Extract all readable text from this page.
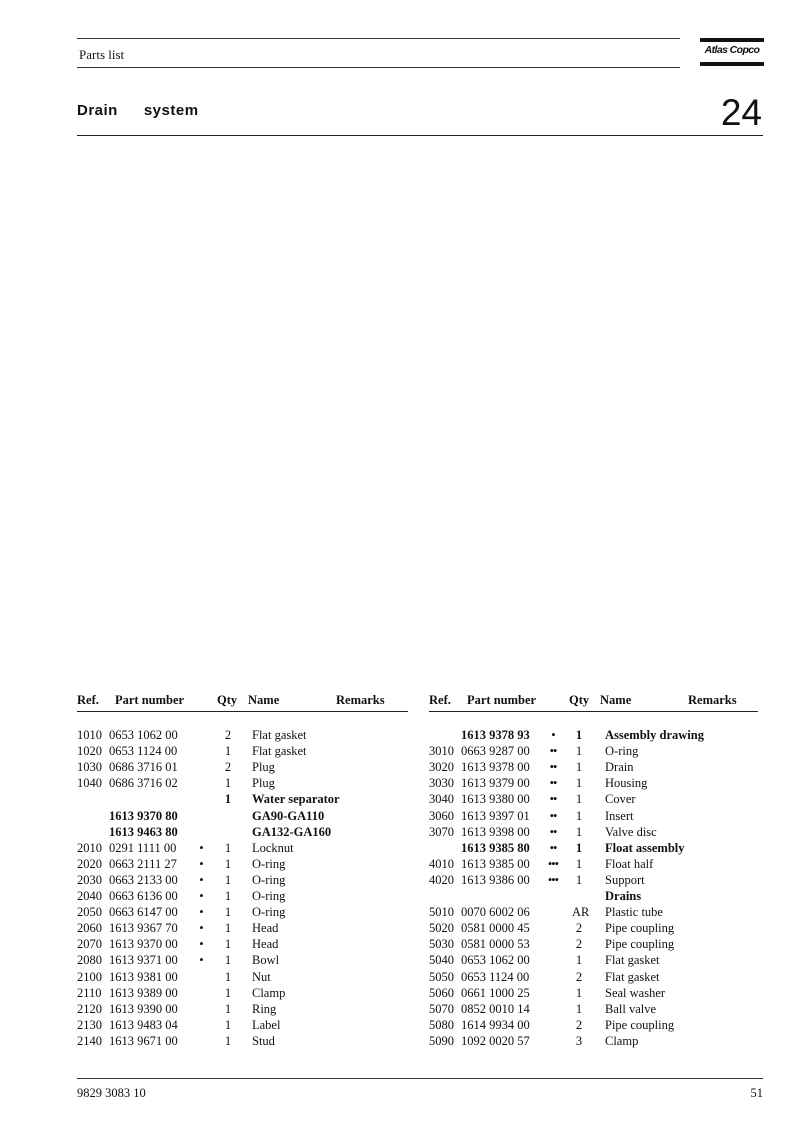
Parts list	Atlas Copco
Drain system	24
Ref. Part number	Qty Name	Remarks
1010 0653 1062 00	2	Flat gasket
1020 0653 1124 00	1	Flat gasket
1030 0686 3716 01	2	Plug
1040 0686 3716 02	1	Plug
1	Water separator
1613 9370 80	GA90-GA110
1613 9463 80	GA132-GA160
2010 0291 1111 00	•	1	Locknut
2020 0663 2111 27	•	1	O-ring
2030 0663 2133 00	•	1	O-ring
2040 0663 6136 00	•	1	O-ring
2050 0663 6147 00	•	1	O-ring
2060 1613 9367 70	•	1	Head
2070 1613 9370 00	•	1	Head
2080 1613 9371 00	•	1	Bowl
2100 1613 9381 00	1	Nut
2110 1613 9389 00	1	Clamp
2120 1613 9390 00	1	Ring
2130 1613 9483 04	1	Label
2140 1613 9671 00	1	Stud
Ref. Part number	Qty Name	Remarks
1613 9378 93	•	1	Assembly drawing
3010 0663 9287 00	••	1	O-ring
3020 1613 9378 00	••	1	Drain
3030 1613 9379 00	••	1	Housing
3040 1613 9380 00	••	1	Cover
3060 1613 9397 01	••	1	Insert
3070 1613 9398 00	••	1	Valve disc
1613 9385 80	••	1	Float assembly
4010 1613 9385 00	•••	1	Float half
4020 1613 9386 00	•••	1	Support
Drains
5010 0070 6002 06	AR Plastic tube
5020 0581 0000 45	2	Pipe coupling
5030 0581 0000 53	2	Pipe coupling
5040 0653 1062 00	1	Flat gasket
5050 0653 1124 00	2	Flat gasket
5060 0661 1000 25	1	Seal washer
5070 0852 0010 14	1	Ball valve
5080 1614 9934 00	2	Pipe coupling
5090 1092 0020 57	3	Clamp
9829 3083 10	51
